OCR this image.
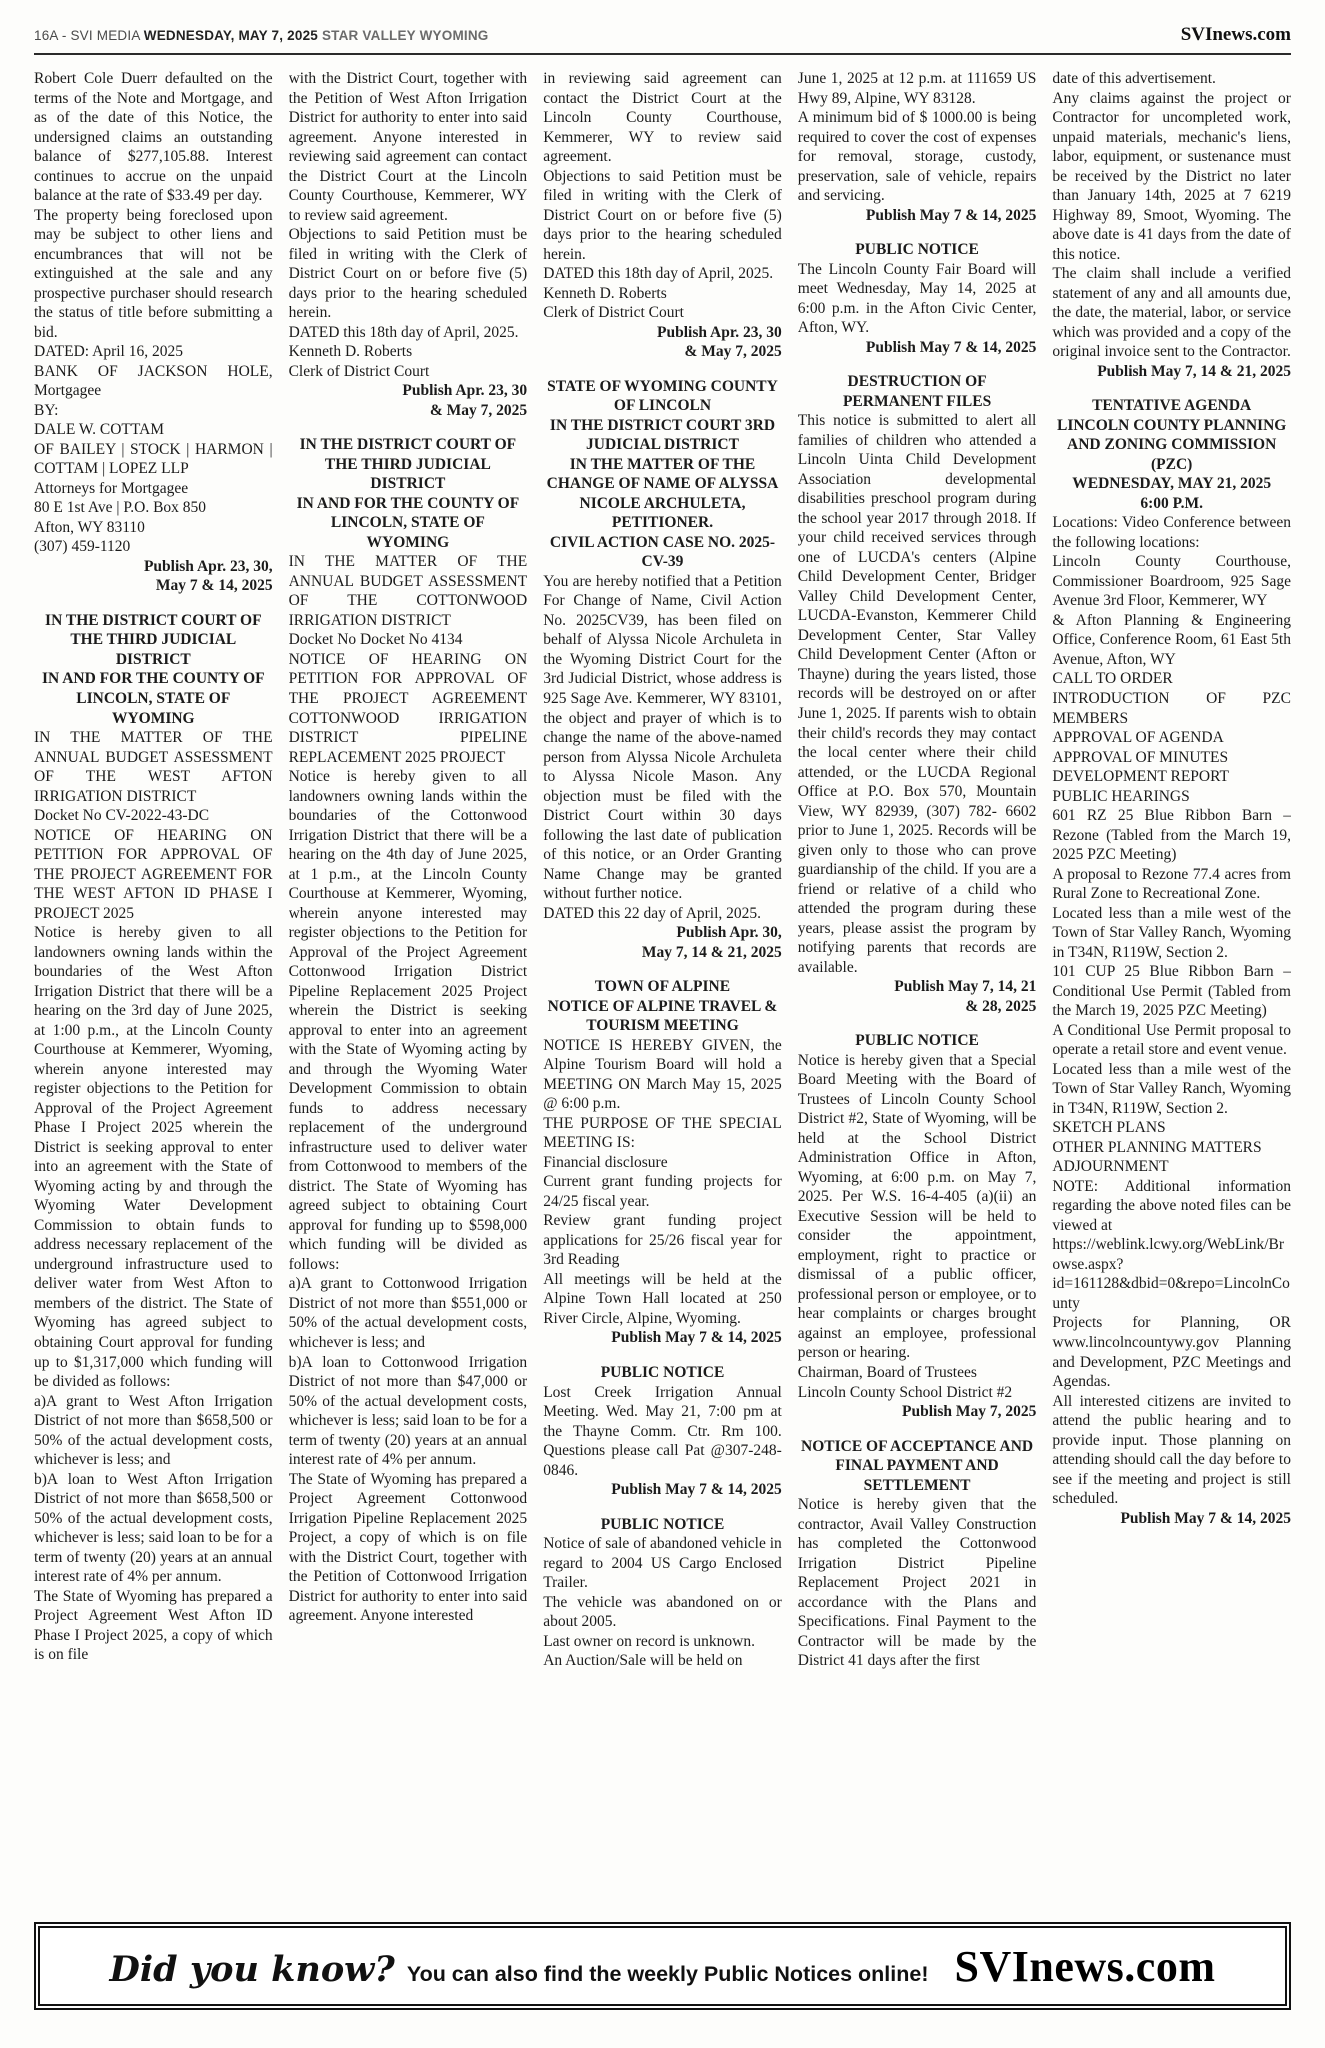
16A - SVI MEDIA WEDNESDAY, MAY 7, 2025 STAR VALLEY WYOMING	SVInews.com

Robert Cole Duerr defaulted on the terms of the Note and Mortgage, and as of the date of this Notice, the undersigned claims an outstanding balance of $277,105.88. Interest continues to accrue on the unpaid balance at the rate of $33.49 per day.

The property being foreclosed upon may be subject to other liens and encumbrances that will not be extinguished at the sale and any prospective purchaser should research the status of title before submitting a bid.

DATED: April 16, 2025

BANK OF JACKSON HOLE, Mortgagee

BY:

DALE W. COTTAM

OF BAILEY | STOCK | HARMON | COTTAM | LOPEZ LLP

Attorneys for Mortgagee

80 E 1st Ave | P.O. Box 850

Afton, WY 83110

(307) 459-1120

Publish Apr. 23, 30,
May 7 & 14, 2025

IN THE DISTRICT COURT OF THE THIRD JUDICIAL DISTRICT

IN AND FOR THE COUNTY OF LINCOLN, STATE OF WYOMING

IN THE MATTER OF THE ANNUAL BUDGET ASSESSMENT OF THE WEST AFTON IRRIGATION DISTRICT

Docket No CV-2022-43-DC

NOTICE OF HEARING ON PETITION FOR APPROVAL OF THE PROJECT AGREEMENT FOR THE WEST AFTON ID PHASE I PROJECT 2025

Notice is hereby given to all landowners owning lands within the boundaries of the West Afton Irrigation District that there will be a hearing on the 3rd day of June 2025, at 1:00 p.m., at the Lincoln County Courthouse at Kemmerer, Wyoming, wherein anyone interested may register objections to the Petition for Approval of the Project Agreement Phase I Project 2025 wherein the District is seeking approval to enter into an agreement with the State of Wyoming acting by and through the Wyoming Water Development Commission to obtain funds to address necessary replacement of the underground infrastructure used to deliver water from West Afton to members of the district. The State of Wyoming has agreed subject to obtaining Court approval for funding up to $1,317,000 which funding will be divided as follows:

a)A grant to West Afton Irrigation District of not more than $658,500 or 50% of the actual development costs, whichever is less; and

b)A loan to West Afton Irrigation District of not more than $658,500 or 50% of the actual development costs, whichever is less; said loan to be for a term of twenty (20) years at an annual interest rate of 4% per annum.

The State of Wyoming has prepared a Project Agreement West Afton ID Phase I Project 2025, a copy of which is on file

with the District Court, together with the Petition of West Afton Irrigation District for authority to enter into said agreement. Anyone interested in reviewing said agreement can contact the District Court at the Lincoln County Courthouse, Kemmerer, WY to review said agreement.

Objections to said Petition must be filed in writing with the Clerk of District Court on or before five (5) days prior to the hearing scheduled herein.

DATED this 18th day of April, 2025.

Kenneth D. Roberts

Clerk of District Court

Publish Apr. 23, 30
& May 7, 2025

IN THE DISTRICT COURT OF THE THIRD JUDICIAL DISTRICT

IN AND FOR THE COUNTY OF LINCOLN, STATE OF WYOMING

IN THE MATTER OF THE ANNUAL BUDGET ASSESSMENT OF THE COTTONWOOD IRRIGATION DISTRICT

Docket No Docket No 4134

NOTICE OF HEARING ON PETITION FOR APPROVAL OF THE PROJECT AGREEMENT COTTONWOOD IRRIGATION DISTRICT PIPELINE REPLACEMENT 2025 PROJECT

Notice is hereby given to all landowners owning lands within the boundaries of the Cottonwood Irrigation District that there will be a hearing on the 4th day of June 2025, at 1 p.m., at the Lincoln County Courthouse at Kemmerer, Wyoming, wherein anyone interested may register objections to the Petition for Approval of the Project Agreement Cottonwood Irrigation District Pipeline Replacement 2025 Project wherein the District is seeking approval to enter into an agreement with the State of Wyoming acting by and through the Wyoming Water Development Commission to obtain funds to address necessary replacement of the underground infrastructure used to deliver water from Cottonwood to members of the district. The State of Wyoming has agreed subject to obtaining Court approval for funding up to $598,000 which funding will be divided as follows:

a)A grant to Cottonwood Irrigation District of not more than $551,000 or 50% of the actual development costs, whichever is less; and

b)A loan to Cottonwood Irrigation District of not more than $47,000 or 50% of the actual development costs, whichever is less; said loan to be for a term of twenty (20) years at an annual interest rate of 4% per annum.

The State of Wyoming has prepared a Project Agreement Cottonwood Irrigation Pipeline Replacement 2025 Project, a copy of which is on file with the District Court, together with the Petition of Cottonwood Irrigation District for authority to enter into said agreement. Anyone interested

in reviewing said agreement can contact the District Court at the Lincoln County Courthouse, Kemmerer, WY to review said agreement.

Objections to said Petition must be filed in writing with the Clerk of District Court on or before five (5) days prior to the hearing scheduled herein.

DATED this 18th day of April, 2025.

Kenneth D. Roberts

Clerk of District Court

Publish Apr. 23, 30
& May 7, 2025

STATE OF WYOMING COUNTY OF LINCOLN

IN THE DISTRICT COURT 3RD JUDICIAL DISTRICT

IN THE MATTER OF THE CHANGE OF NAME OF ALYSSA NICOLE ARCHULETA, PETITIONER.

CIVIL ACTION CASE NO. 2025-CV-39

You are hereby notified that a Petition For Change of Name, Civil Action No. 2025CV39, has been filed on behalf of Alyssa Nicole Archuleta in the Wyoming District Court for the 3rd Judicial District, whose address is 925 Sage Ave. Kemmerer, WY 83101, the object and prayer of which is to change the name of the above-named person from Alyssa Nicole Archuleta to Alyssa Nicole Mason. Any objection must be filed with the District Court within 30 days following the last date of publication of this notice, or an Order Granting Name Change may be granted without further notice.

DATED this 22 day of April, 2025.

Publish Apr. 30,
May 7, 14 & 21, 2025

TOWN OF ALPINE

NOTICE OF ALPINE TRAVEL & TOURISM MEETING

NOTICE IS HEREBY GIVEN, the Alpine Tourism Board will hold a MEETING ON March May 15, 2025 @ 6:00 p.m.

THE PURPOSE OF THE SPECIAL MEETING IS:

Financial disclosure

Current grant funding projects for 24/25 fiscal year.

Review grant funding project applications for 25/26 fiscal year for 3rd Reading

All meetings will be held at the Alpine Town Hall located at 250 River Circle, Alpine, Wyoming.

Publish May 7 & 14, 2025

PUBLIC NOTICE

Lost Creek Irrigation Annual Meeting. Wed. May 21, 7:00 pm at the Thayne Comm. Ctr. Rm 100. Questions please call Pat @307-248-0846.

Publish May 7 & 14, 2025

PUBLIC NOTICE

Notice of sale of abandoned vehicle in regard to 2004 US Cargo Enclosed Trailer.

The vehicle was abandoned on or about 2005.

Last owner on record is unknown.

An Auction/Sale will be held on

June 1, 2025 at 12 p.m. at 111659 US Hwy 89, Alpine, WY 83128.

A minimum bid of $ 1000.00 is being required to cover the cost of expenses for removal, storage, custody, preservation, sale of vehicle, repairs and servicing.

Publish May 7 & 14, 2025

PUBLIC NOTICE

The Lincoln County Fair Board will meet Wednesday, May 14, 2025 at 6:00 p.m. in the Afton Civic Center, Afton, WY.

Publish May 7 & 14, 2025

DESTRUCTION OF PERMANENT FILES

This notice is submitted to alert all families of children who attended a Lincoln Uinta Child Development Association developmental disabilities preschool program during the school year 2017 through 2018. If your child received services through one of LUCDA's centers (Alpine Child Development Center, Bridger Valley Child Development Center, LUCDA-Evanston, Kemmerer Child Development Center, Star Valley Child Development Center (Afton or Thayne) during the years listed, those records will be destroyed on or after June 1, 2025. If parents wish to obtain their child's records they may contact the local center where their child attended, or the LUCDA Regional Office at P.O. Box 570, Mountain View, WY 82939, (307) 782- 6602 prior to June 1, 2025. Records will be given only to those who can prove guardianship of the child. If you are a friend or relative of a child who attended the program during these years, please assist the program by notifying parents that records are available.

Publish May 7, 14, 21
& 28, 2025

PUBLIC NOTICE

Notice is hereby given that a Special Board Meeting with the Board of Trustees of Lincoln County School District #2, State of Wyoming, will be held at the School District Administration Office in Afton, Wyoming, at 6:00 p.m. on May 7, 2025. Per W.S. 16-4-405 (a)(ii) an Executive Session will be held to consider the appointment, employment, right to practice or dismissal of a public officer, professional person or employee, or to hear complaints or charges brought against an employee, professional person or hearing.

Chairman, Board of Trustees

Lincoln County School District #2

Publish May 7, 2025

NOTICE OF ACCEPTANCE AND FINAL PAYMENT AND SETTLEMENT

Notice is hereby given that the contractor, Avail Valley Construction has completed the Cottonwood Irrigation District Pipeline Replacement Project 2021 in accordance with the Plans and Specifications. Final Payment to the Contractor will be made by the District 41 days after the first

date of this advertisement.

Any claims against the project or Contractor for uncompleted work, unpaid materials, mechanic's liens, labor, equipment, or sustenance must be received by the District no later than January 14th, 2025 at 7 6219 Highway 89, Smoot, Wyoming. The above date is 41 days from the date of this notice.

The claim shall include a verified statement of any and all amounts due, the date, the material, labor, or service which was provided and a copy of the original invoice sent to the Contractor.

Publish May 7, 14 & 21, 2025

TENTATIVE AGENDA

LINCOLN COUNTY PLANNING AND ZONING COMMISSION (PZC)

WEDNESDAY, MAY 21, 2025

6:00 P.M.

Locations: Video Conference between the following locations:

Lincoln County Courthouse, Commissioner Boardroom, 925 Sage Avenue 3rd Floor, Kemmerer, WY

& Afton Planning & Engineering Office, Conference Room, 61 East 5th Avenue, Afton, WY

CALL TO ORDER

INTRODUCTION OF PZC MEMBERS

APPROVAL OF AGENDA

APPROVAL OF MINUTES

DEVELOPMENT REPORT

PUBLIC HEARINGS

601 RZ 25 Blue Ribbon Barn – Rezone (Tabled from the March 19, 2025 PZC Meeting)

A proposal to Rezone 77.4 acres from Rural Zone to Recreational Zone.

Located less than a mile west of the Town of Star Valley Ranch, Wyoming in T34N, R119W, Section 2.

101 CUP 25 Blue Ribbon Barn – Conditional Use Permit (Tabled from the March 19, 2025 PZC Meeting)

A Conditional Use Permit proposal to operate a retail store and event venue.

Located less than a mile west of the Town of Star Valley Ranch, Wyoming in T34N, R119W, Section 2.

SKETCH PLANS

OTHER PLANNING MATTERS

ADJOURNMENT

NOTE: Additional information regarding the above noted files can be viewed at

https://weblink.lcwy.org/WebLink/Browse.aspx?id=161128&dbid=0&repo=LincolnCounty

Projects for Planning, OR www.lincolncountywy.gov Planning and Development, PZC Meetings and Agendas.

All interested citizens are invited to attend the public hearing and to provide input. Those planning on attending should call the day before to see if the meeting and project is still scheduled.

Publish May 7 & 14, 2025

Did you know? You can also find the weekly Public Notices online! SVInews.com
